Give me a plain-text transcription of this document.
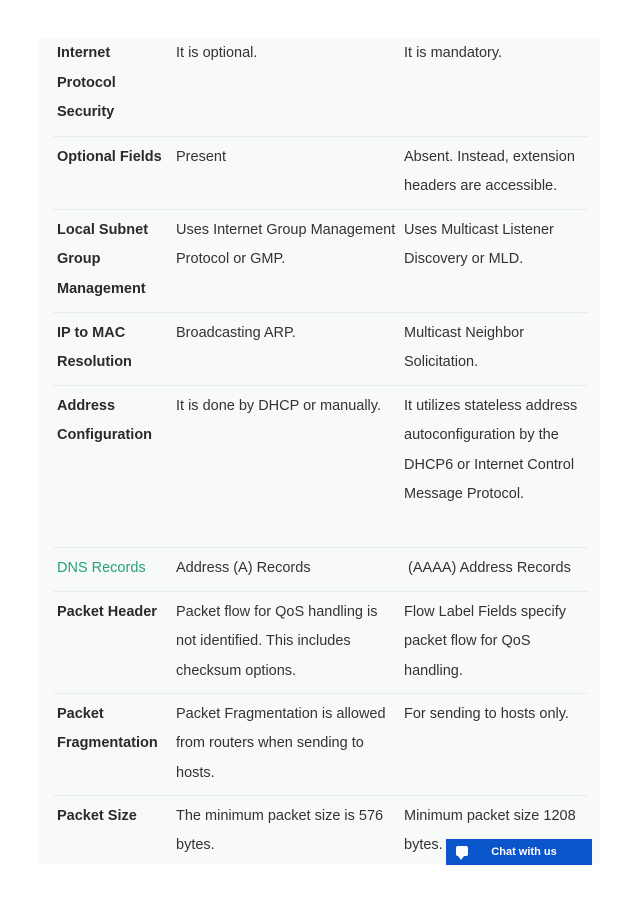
Internet Protocol Security	It is optional.	It is mandatory.
Optional Fields	Present	Absent. Instead, extension headers are accessible.
Local Subnet Group Management	Uses Internet Group Management Protocol or GMP.	Uses Multicast Listener Discovery or MLD.
IP to MAC Resolution	Broadcasting ARP.	Multicast Neighbor Solicitation.
Address Configuration	It is done by DHCP or manually.	It utilizes stateless address autoconfiguration by the DHCP6 or Internet Control Message Protocol.
DNS Records	Address (A) Records	(AAAA) Address Records
Packet Header	Packet flow for QoS handling is not identified. This includes checksum options.	Flow Label Fields specify packet flow for QoS handling.
Packet Fragmentation	Packet Fragmentation is allowed from routers when sending to hosts.	For sending to hosts only.
Packet Size	The minimum packet size is 576 bytes.	Minimum packet size 1208 bytes.	Chat with us
